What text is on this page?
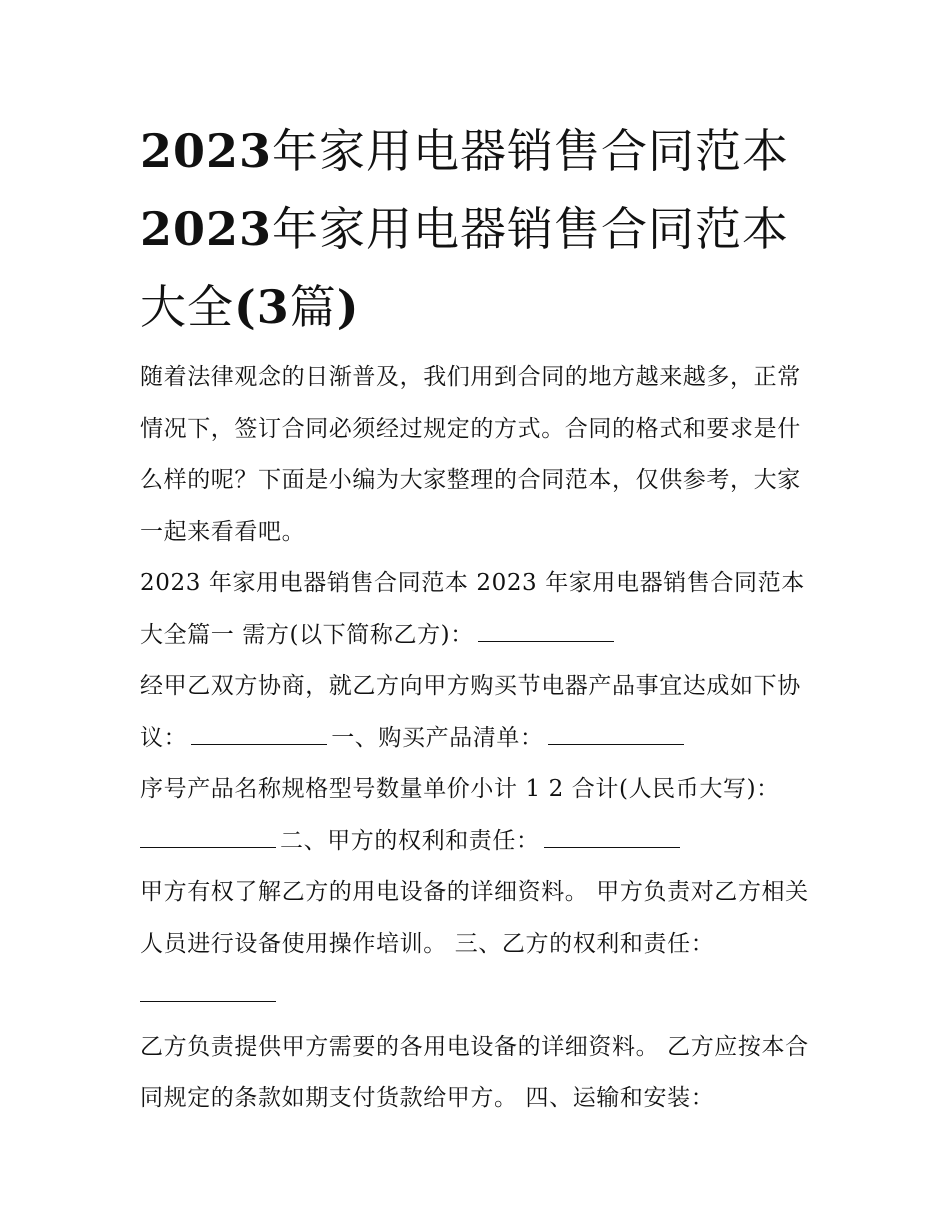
2023年家用电器销售合同范本
2023年家用电器销售合同范本
大全(3篇)

随着法律观念的日渐普及，我们用到合同的地方越来越多，正常情况下，签订合同必须经过规定的方式。合同的格式和要求是什么样的呢？下面是小编为大家整理的合同范本，仅供参考，大家一起来看看吧。

2023 年家用电器销售合同范本 2023 年家用电器销售合同范本大全篇一 需方(以下简称乙方)：

经甲乙双方协商，就乙方向甲方购买节电器产品事宜达成如下协议：	一、购买产品清单：

序号产品名称规格型号数量单价小计 1 2 合计(人民币大写)：

二、甲方的权利和责任：

甲方有权了解乙方的用电设备的详细资料。 甲方负责对乙方相关人员进行设备使用操作培训。 三、乙方的权利和责任：

乙方负责提供甲方需要的各用电设备的详细资料。 乙方应按本合同规定的条款如期支付货款给甲方。 四、运输和安装：
